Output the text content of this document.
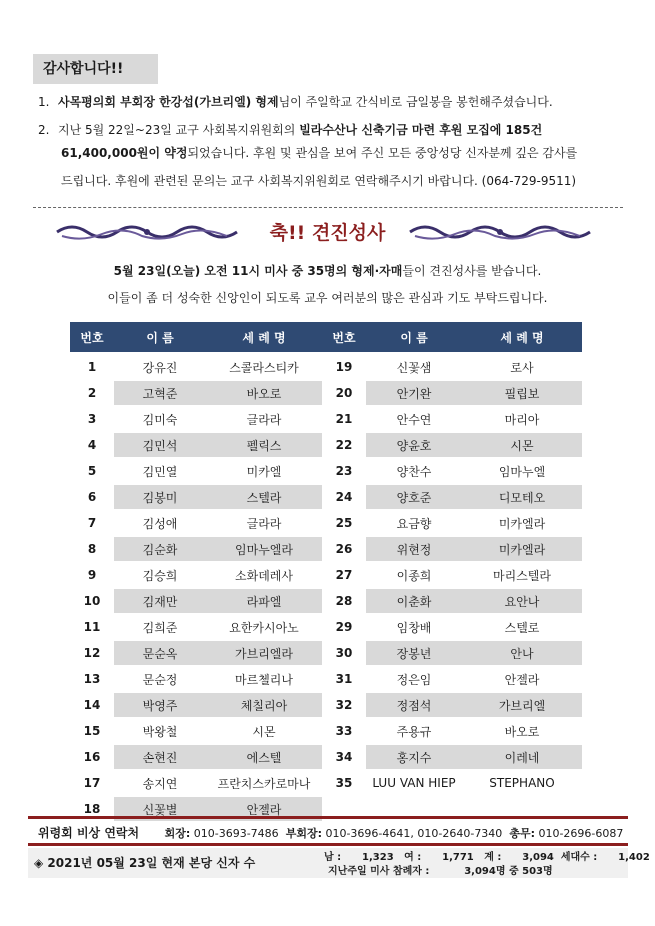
감사합니다!!
1. 사목평의회 부회장 한강섭(가브리엘) 형제님이 주일학교 간식비로 금일봉을 봉헌해주셨습니다.
2. 지난 5월 22일~23일 교구 사회복지위원회의 빌라수산나 신축기금 마련 후원 모집에 185건
61,400,000원이 약정되었습니다. 후원 및 관심을 보여 주신 모든 중앙성당 신자분께 깊은 감사를
드립니다. 후원에 관련된 문의는 교구 사회복지위원회로 연락해주시기 바랍니다. (064-729-9511)
축!! 견진성사
5월 23일(오늘) 오전 11시 미사 중 35명의 형제·자매들이 견진성사를 받습니다.
이들이 좀 더 성숙한 신앙인이 되도록 교우 여러분의 많은 관심과 기도 부탁드립니다.
번호	이 름	세 례 명	번호	이 름	세 례 명
1	강유진	스콜라스티카	19	신꽃샘	로사
2	고혁준	바오로	20	안기완	필립보
3	김미숙	글라라	21	안수연	마리아
4	김민석	펠릭스	22	양윤호	시몬
5	김민열	미카엘	23	양찬수	임마누엘
6	김봉미	스텔라	24	양호준	디모테오
7	김성애	글라라	25	요금향	미카엘라
8	김순화	임마누엘라	26	위현정	미카엘라
9	김승희	소화데레사	27	이종희	마리스텔라
10	김재만	라파엘	28	이춘화	요안나
11	김희준	요한카시아노	29	임창배	스텔로
12	문순옥	가브리엘라	30	장봉년	안나
13	문순정	마르첼리나	31	정은임	안젤라
14	박영주	체칠리아	32	정점석	가브리엘
15	박왕철	시몬	33	주용규	바오로
16	손현진	에스텔	34	홍지수	이레네
17	송지연	프란치스카로마나	35	LUU VAN HIEP	STEPHANO
18	신꽃별	안젤라			
위령회 비상 연락처 회장: 010-3693-7486 부회장: 010-3696-4641, 010-2640-7340 총무: 010-2696-6087
◈ 2021년 05월 23일 현재 본당 신자 수	남 :      1,323   여 :      1,771   계 :      3,094  세대수 :      1,402
지난주일 미사 참례자 :          3,094명 중 503명
